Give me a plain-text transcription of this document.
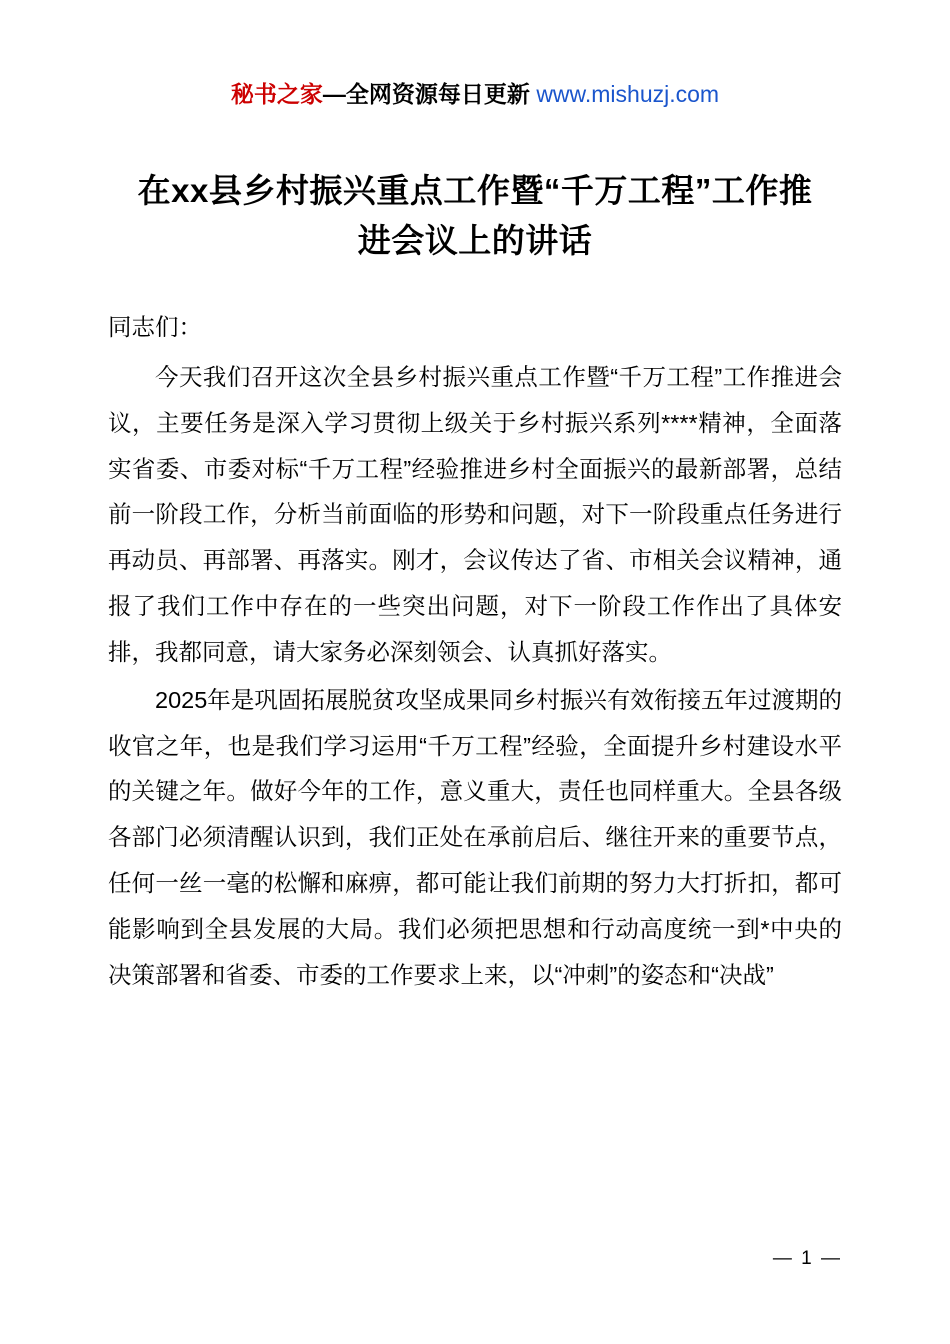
秘书之家—全网资源每日更新 www.mishuzj.com
在xx县乡村振兴重点工作暨“千万工程”工作推进会议上的讲话

同志们：

今天我们召开这次全县乡村振兴重点工作暨“千万工程”工作推进会议，主要任务是深入学习贯彻上级关于乡村振兴系列****精神，全面落实省委、市委对标“千万工程”经验推进乡村全面振兴的最新部署，总结前一阶段工作，分析当前面临的形势和问题，对下一阶段重点任务进行再动员、再部署、再落实。刚才，会议传达了省、市相关会议精神，通报了我们工作中存在的一些突出问题，对下一阶段工作作出了具体安排，我都同意，请大家务必深刻领会、认真抓好落实。

2025年是巩固拓展脱贫攻坚成果同乡村振兴有效衔接五年过渡期的收官之年，也是我们学习运用“千万工程”经验，全面提升乡村建设水平的关键之年。做好今年的工作，意义重大，责任也同样重大。全县各级各部门必须清醒认识到，我们正处在承前启后、继往开来的重要节点，任何一丝一毫的松懈和麻痹，都可能让我们前期的努力大打折扣，都可能影响到全县发展的大局。我们必须把思想和行动高度统一到*中央的决策部署和省委、市委的工作要求上来，以“冲刺”的姿态和“决战”

— 1 —
